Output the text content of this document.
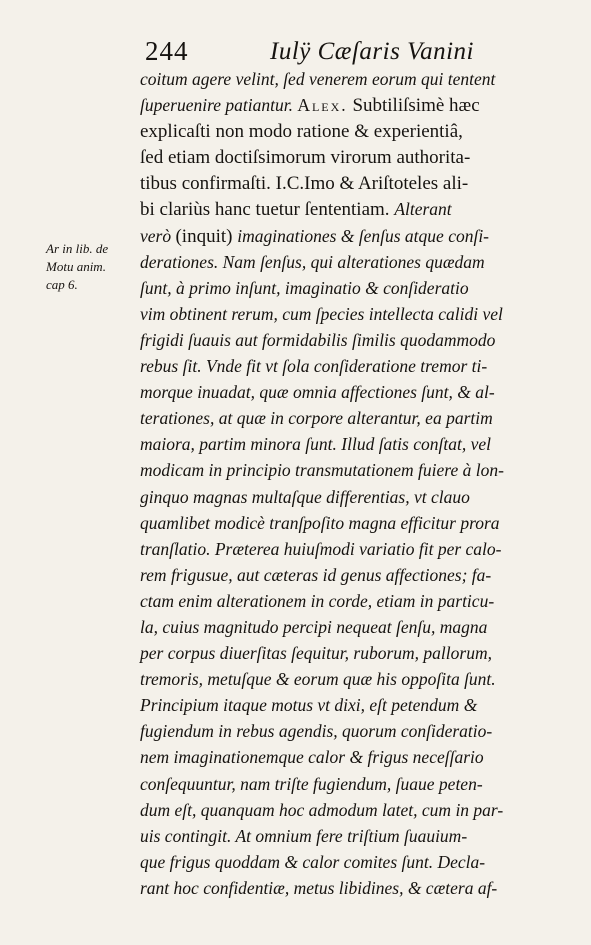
244	Iulÿ Cæſaris Vanini
Ar in lib. de
Motu anim.
cap 6.
coitum agere velint, ſed venerem eorum qui tentent
ſuperuenire patiantur. Alex. Subtiliſsimè hæc
explicaſti non modo ratione & experientiâ,
ſed etiam doctiſsimorum virorum authorita-
tibus confirmaſti. I.C.Imo & Ariſtoteles ali-
bi clariùs hanc tuetur ſententiam. Alterant
verò (inquit) imaginationes & ſenſus atque conſi-
derationes. Nam ſenſus, qui alterationes quædam
ſunt, à primo inſunt, imaginatio & conſideratio
vim obtinent rerum, cum ſpecies intellecta calidi vel
frigidi ſuauis aut formidabilis ſimilis quodammodo
rebus ſit. Vnde fit vt ſola conſideratione tremor ti-
morque inuadat, quæ omnia affectiones ſunt, & al-
terationes, at quæ in corpore alterantur, ea partim
maiora, partim minora ſunt. Illud ſatis conſtat, vel
modicam in principio transmutationem fuiere à lon-
ginquo magnas multaſque differentias, vt clauo
quamlibet modicè tranſpoſito magna efficitur prora
tranſlatio. Præterea huiuſmodi variatio fit per calo-
rem frigusue, aut cæteras id genus affectiones; fa-
ctam enim alterationem in corde, etiam in particu-
la, cuius magnitudo percipi nequeat ſenſu, magna
per corpus diuerſitas ſequitur, ruborum, pallorum,
tremoris, metuſque & eorum quæ his oppoſita ſunt.
Principium itaque motus vt dixi, eſt petendum &
fugiendum in rebus agendis, quorum conſideratio-
nem imaginationemque calor & frigus neceſſario
conſequuntur, nam triſte fugiendum, ſuaue peten-
dum eſt, quanquam hoc admodum latet, cum in par-
uis contingit. At omnium fere triſtium ſuauium-
que frigus quoddam & calor comites ſunt. Decla-
rant hoc confidentiæ, metus libidines, & cætera af-
